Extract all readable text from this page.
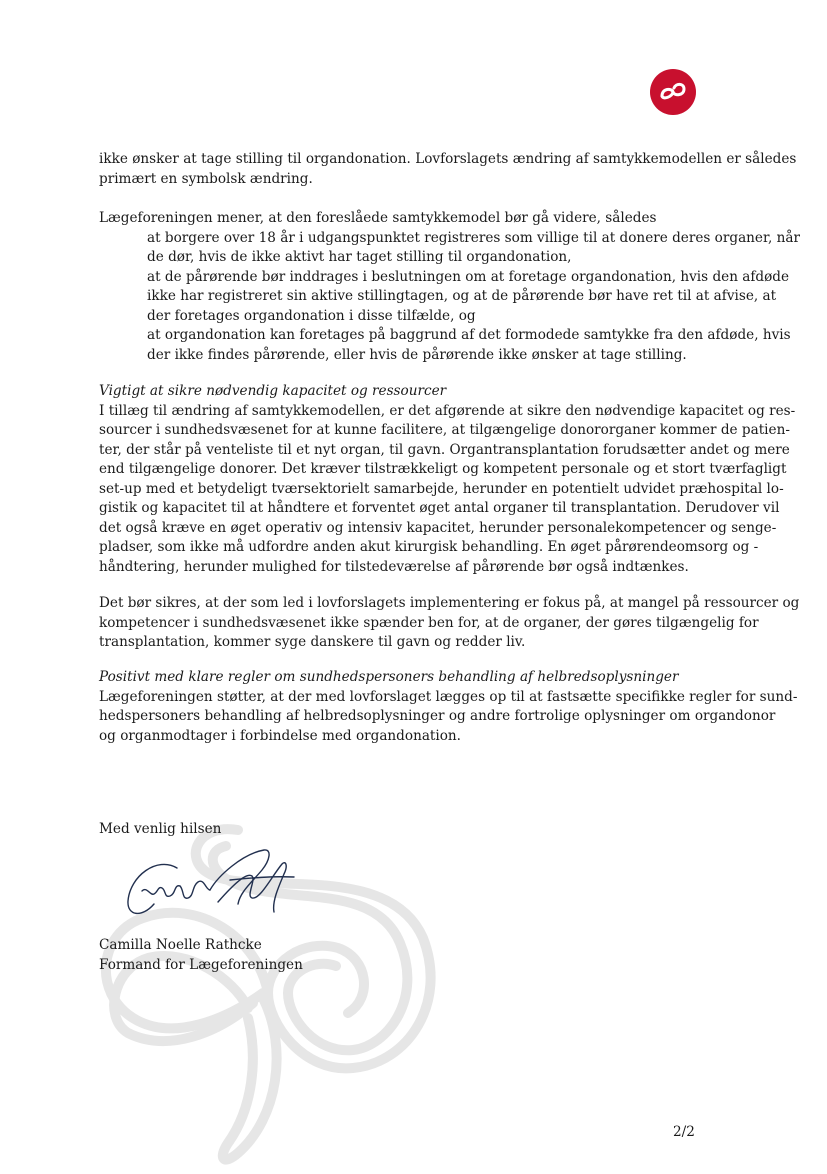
ikke ønsker at tage stilling til organdonation. Lovforslagets ændring af samtykkemodellen er således

primært en symbolsk ændring.

Lægeforeningen mener, at den foreslåede samtykkemodel bør gå videre, således

at borgere over 18 år i udgangspunktet registreres som villige til at donere deres organer, når

de dør, hvis de ikke aktivt har taget stilling til organdonation,

at de pårørende bør inddrages i beslutningen om at foretage organdonation, hvis den afdøde

ikke har registreret sin aktive stillingtagen, og at de pårørende bør have ret til at afvise, at

der foretages organdonation i disse tilfælde, og

at organdonation kan foretages på baggrund af det formodede samtykke fra den afdøde, hvis

der ikke findes pårørende, eller hvis de pårørende ikke ønsker at tage stilling.

Vigtigt at sikre nødvendig kapacitet og ressourcer

I tillæg til ændring af samtykkemodellen, er det afgørende at sikre den nødvendige kapacitet og res-

sourcer i sundhedsvæsenet for at kunne facilitere, at tilgængelige donororganer kommer de patien-

ter, der står på venteliste til et nyt organ, til gavn. Organtransplantation forudsætter andet og mere

end tilgængelige donorer. Det kræver tilstrækkeligt og kompetent personale og et stort tværfagligt

set-up med et betydeligt tværsektorielt samarbejde, herunder en potentielt udvidet præhospital lo-

gistik og kapacitet til at håndtere et forventet øget antal organer til transplantation. Derudover vil

det også kræve en øget operativ og intensiv kapacitet, herunder personalekompetencer og senge-

pladser, som ikke må udfordre anden akut kirurgisk behandling. En øget pårørendeomsorg og -

håndtering, herunder mulighed for tilstedeværelse af pårørende bør også indtænkes.

Det bør sikres, at der som led i lovforslagets implementering er fokus på, at mangel på ressourcer og

kompetencer i sundhedsvæsenet ikke spænder ben for, at de organer, der gøres tilgængelig for

transplantation, kommer syge danskere til gavn og redder liv.

Positivt med klare regler om sundhedspersoners behandling af helbredsoplysninger

Lægeforeningen støtter, at der med lovforslaget lægges op til at fastsætte specifikke regler for sund-

hedspersoners behandling af helbredsoplysninger og andre fortrolige oplysninger om organdonor

og organmodtager i forbindelse med organdonation.

Med venlig hilsen

Camilla Noelle Rathcke

Formand for Lægeforeningen

2/2
